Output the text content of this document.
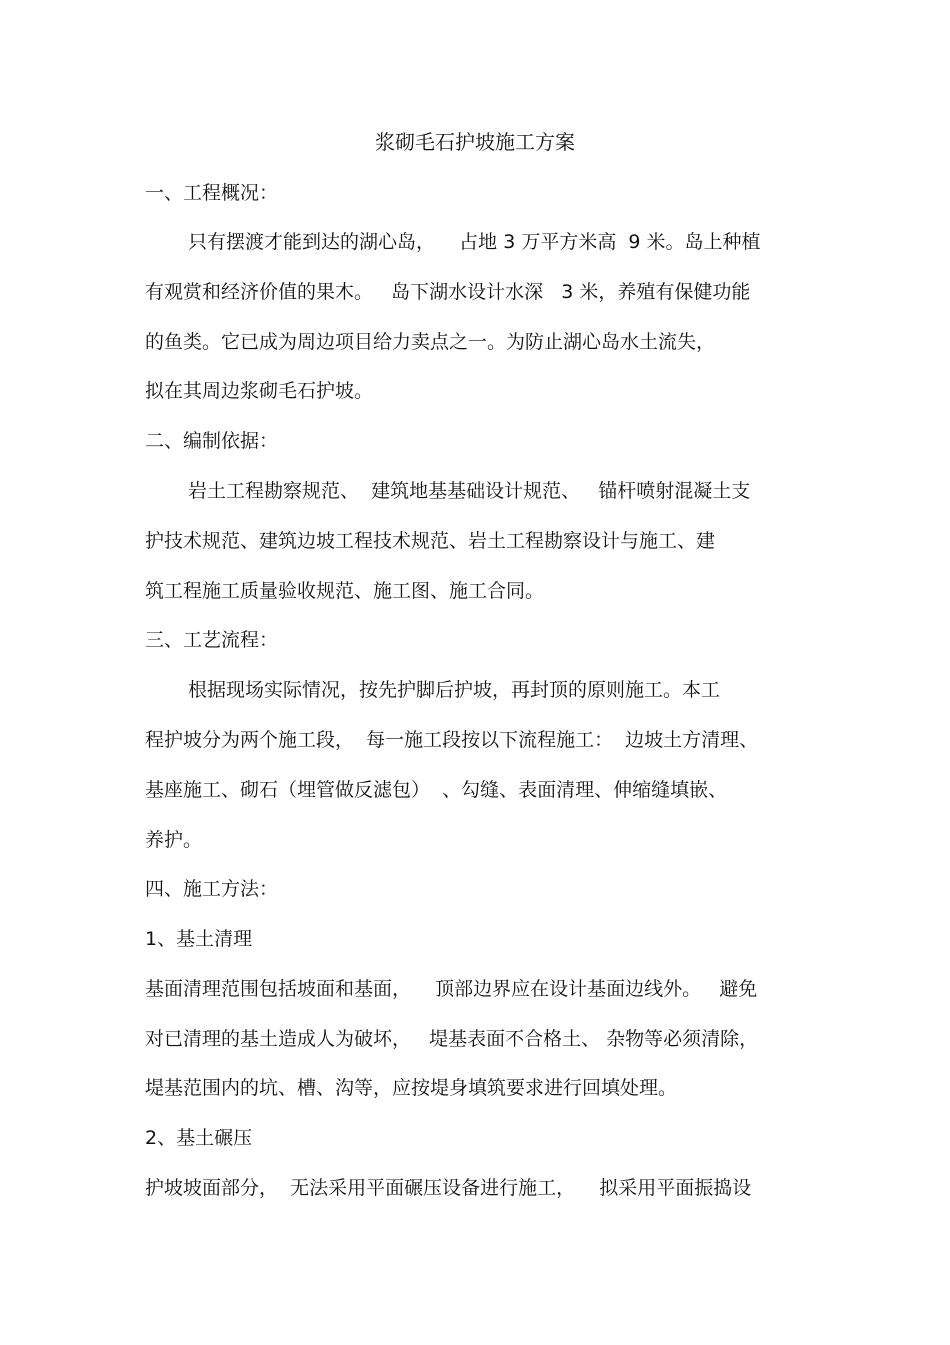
浆砌毛石护坡施工方案
一、工程概况：
只有摆渡才能到达的湖心岛，    占地 3 万平方米高  9 米。岛上种植
有观赏和经济价值的果木。   岛下湖水设计水深   3 米，养殖有保健功能
的鱼类。它已成为周边项目给力卖点之一。为防止湖心岛水土流失，
拟在其周边浆砌毛石护坡。
二、编制依据：
岩土工程勘察规范、  建筑地基基础设计规范、   锚杆喷射混凝土支
护技术规范、建筑边坡工程技术规范、岩土工程勘察设计与施工、建
筑工程施工质量验收规范、施工图、施工合同。
三、工艺流程：
根据现场实际情况，按先护脚后护坡，再封顶的原则施工。本工
程护坡分为两个施工段，  每一施工段按以下流程施工：  边坡土方清理、
基座施工、砌石（埋管做反滤包）  、勾缝、表面清理、伸缩缝填嵌、
养护。
四、施工方法：
1、基土清理
基面清理范围包括坡面和基面，    顶部边界应在设计基面边线外。   避免
对已清理的基土造成人为破坏，   堤基表面不合格土、 杂物等必须清除，
堤基范围内的坑、槽、沟等，应按堤身填筑要求进行回填处理。
2、基土碾压
护坡坡面部分，  无法采用平面碾压设备进行施工，    拟采用平面振捣设
